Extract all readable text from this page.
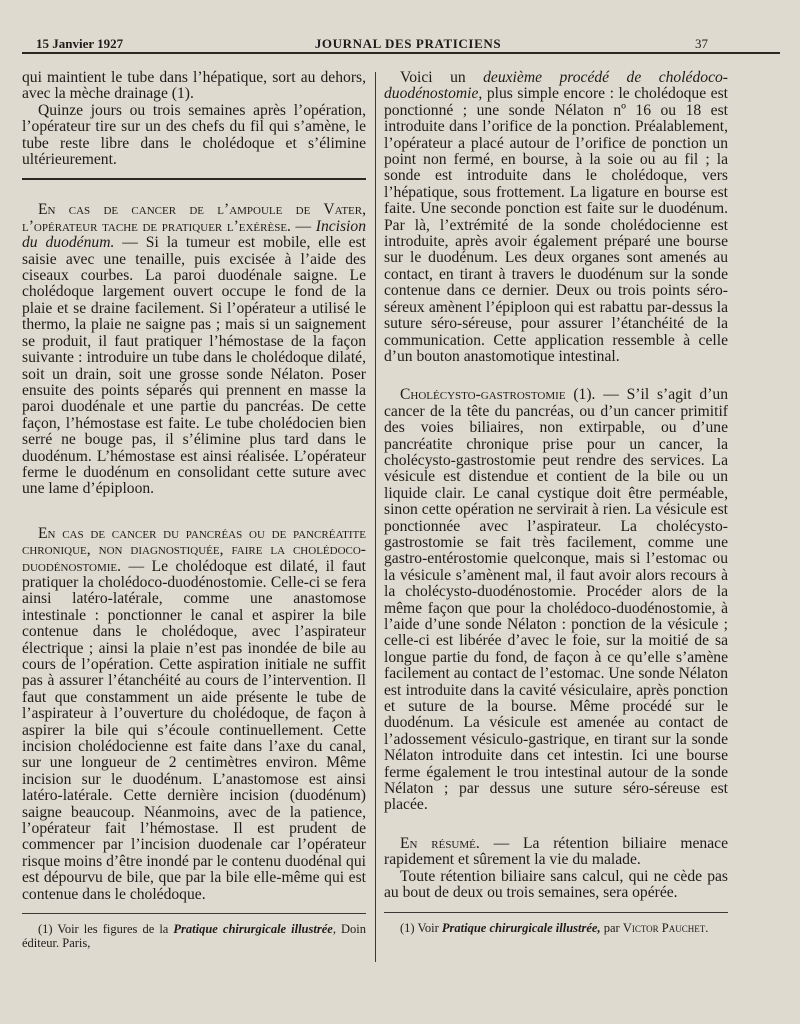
15 Janvier 1927	JOURNAL DES PRATICIENS	37

qui maintient le tube dans l’hépatique, sort au dehors, avec la mèche drainage (1).

Quinze jours ou trois semaines après l’opération, l’opérateur tire sur un des chefs du fil qui s’amène, le tube reste libre dans le cholédoque et s’élimine ultérieurement.

En cas de cancer de l’ampoule de Vater, l’opérateur tache de pratiquer l’exérèse. — Incision du duodénum. — Si la tumeur est mobile, elle est saisie avec une tenaille, puis excisée à l’aide des ciseaux courbes. La paroi duodénale saigne. Le cholédoque largement ouvert occupe le fond de la plaie et se draine facilement. Si l’opérateur a utilisé le thermo, la plaie ne saigne pas ; mais si un saignement se produit, il faut pratiquer l’hémostase de la façon suivante : introduire un tube dans le cholédoque dilaté, soit un drain, soit une grosse sonde Nélaton. Poser ensuite des points séparés qui prennent en masse la paroi duodénale et une partie du pancréas. De cette façon, l’hémostase est faite. Le tube cholédocien bien serré ne bouge pas, il s’élimine plus tard dans le duodénum. L’hémostase est ainsi réalisée. L’opérateur ferme le duodénum en consolidant cette suture avec une lame d’épiploon.

En cas de cancer du pancréas ou de pancréatite chronique, non diagnostiquée, faire la cholédoco-duodénostomie. — Le cholédoque est dilaté, il faut pratiquer la cholédoco-duodénostomie. Celle-ci se fera ainsi latéro-latérale, comme une anastomose intestinale : ponctionner le canal et aspirer la bile contenue dans le cholédoque, avec l’aspirateur électrique ; ainsi la plaie n’est pas inondée de bile au cours de l’opération. Cette aspiration initiale ne suffit pas à assurer l’étanchéité au cours de l’intervention. Il faut que constamment un aide présente le tube de l’aspirateur à l’ouverture du cholédoque, de façon à aspirer la bile qui s’écoule continuellement. Cette incision cholédocienne est faite dans l’axe du canal, sur une longueur de 2 centimètres environ. Même incision sur le duodénum. L’anastomose est ainsi latéro-latérale. Cette dernière incision (duodénum) saigne beaucoup. Néanmoins, avec de la patience, l’opérateur fait l’hémostase. Il est prudent de commencer par l’incision duodenale car l’opérateur risque moins d’être inondé par le contenu duodénal qui est dépourvu de bile, que par la bile elle-même qui est contenue dans le cholédoque.

(1) Voir les figures de la Pratique chirurgicale illustrée, Doin éditeur. Paris,

Voici un deuxième procédé de cholédoco-duodénostomie, plus simple encore : le cholédoque est ponctionné ; une sonde Nélaton nº 16 ou 18 est introduite dans l’orifice de la ponction. Préalablement, l’opérateur a placé autour de l’orifice de ponction un point non fermé, en bourse, à la soie ou au fil ; la sonde est introduite dans le cholédoque, vers l’hépatique, sous frottement. La ligature en bourse est faite. Une seconde ponction est faite sur le duodénum. Par là, l’extrémité de la sonde cholédocienne est introduite, après avoir également préparé une bourse sur le duodénum. Les deux organes sont amenés au contact, en tirant à travers le duodénum sur la sonde contenue dans ce dernier. Deux ou trois points séro-séreux amènent l’épiploon qui est rabattu par-dessus la suture séro-séreuse, pour assurer l’étanchéité de la communication. Cette application ressemble à celle d’un bouton anastomotique intestinal.

Cholécysto-gastrostomie (1). — S’il s’agit d’un cancer de la tête du pancréas, ou d’un cancer primitif des voies biliaires, non extirpable, ou d’une pancréatite chronique prise pour un cancer, la cholécysto-gastrostomie peut rendre des services. La vésicule est distendue et contient de la bile ou un liquide clair. Le canal cystique doit être perméable, sinon cette opération ne servirait à rien. La vésicule est ponctionnée avec l’aspirateur. La cholécysto-gastrostomie se fait très facilement, comme une gastro-entérostomie quelconque, mais si l’estomac ou la vésicule s’amènent mal, il faut avoir alors recours à la cholécysto-duodénostomie. Procéder alors de la même façon que pour la cholédoco-duodénostomie, à l’aide d’une sonde Nélaton : ponction de la vésicule ; celle-ci est libérée d’avec le foie, sur la moitié de sa longue partie du fond, de façon à ce qu’elle s’amène facilement au contact de l’estomac. Une sonde Nélaton est introduite dans la cavité vésiculaire, après ponction et suture de la bourse. Même procédé sur le duodénum. La vésicule est amenée au contact de l’adossement vésiculo-gastrique, en tirant sur la sonde Nélaton introduite dans cet intestin. Ici une bourse ferme également le trou intestinal autour de la sonde Nélaton ; par dessus une suture séro-séreuse est placée.

En résumé. — La rétention biliaire menace rapidement et sûrement la vie du malade.

Toute rétention biliaire sans calcul, qui ne cède pas au bout de deux ou trois semaines, sera opérée.

(1) Voir Pratique chirurgicale illustrée, par Victor Pauchet.
